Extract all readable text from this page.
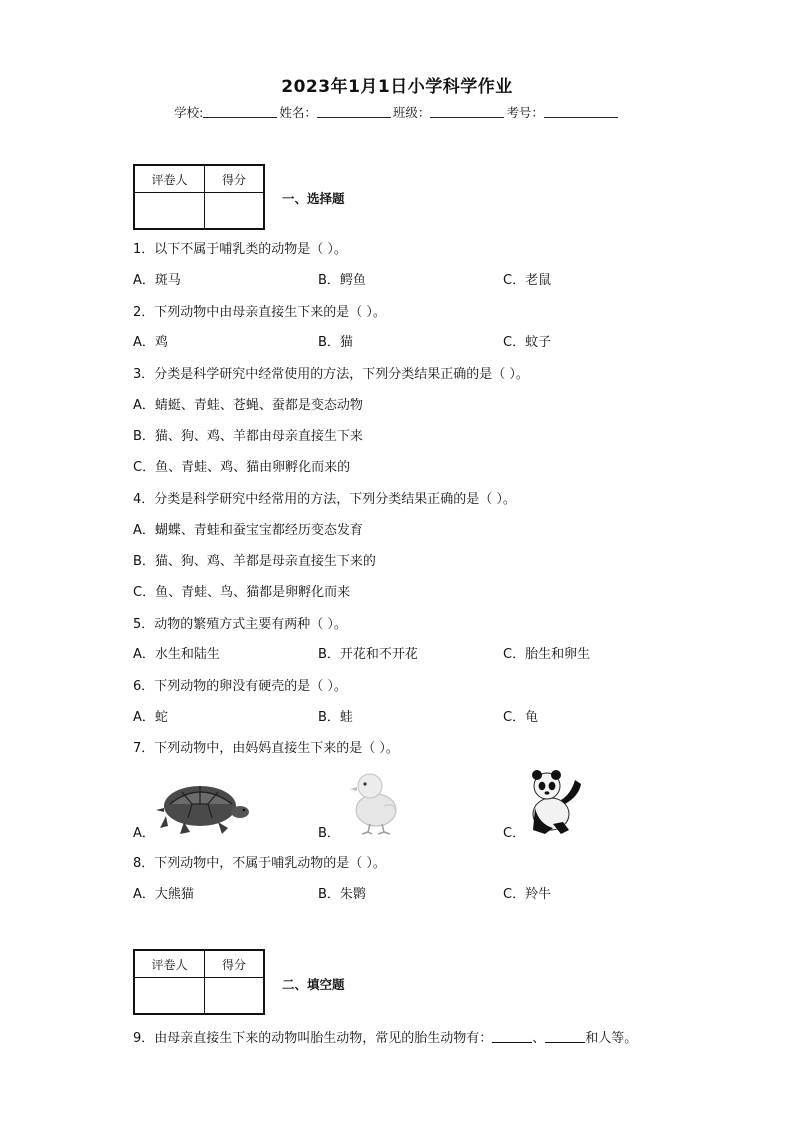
2023年1月1日小学科学作业
学校:	姓名：	班级：	考号：
评卷人	得分
一、选择题
1．以下不属于哺乳类的动物是（ ）。
A．斑马	B．鳄鱼	C．老鼠
2．下列动物中由母亲直接生下来的是（ ）。
A．鸡	B．猫	C．蚊子
3．分类是科学研究中经常使用的方法，下列分类结果正确的是（ ）。
A．蜻蜓、青蛙、苍蝇、蚕都是变态动物
B．猫、狗、鸡、羊都由母亲直接生下来
C．鱼、青蛙、鸡、猫由卵孵化而来的
4．分类是科学研究中经常用的方法，下列分类结果正确的是（ ）。
A．蝴蝶、青蛙和蚕宝宝都经历变态发育
B．猫、狗、鸡、羊都是母亲直接生下来的
C．鱼、青蛙、鸟、猫都是卵孵化而来
5．动物的繁殖方式主要有两种（ ）。
A．水生和陆生	B．开花和不开花	C．胎生和卵生
6．下列动物的卵没有硬壳的是（ ）。
A．蛇	B．蛙	C．龟
7．下列动物中，由妈妈直接生下来的是（ ）。
A．	B．	C．
8．下列动物中，不属于哺乳动物的是（ ）。
A．大熊猫	B．朱鹮	C．羚牛
评卷人	得分
二、填空题
9．由母亲直接生下来的动物叫胎生动物，常见的胎生动物有：	、	和人等。
